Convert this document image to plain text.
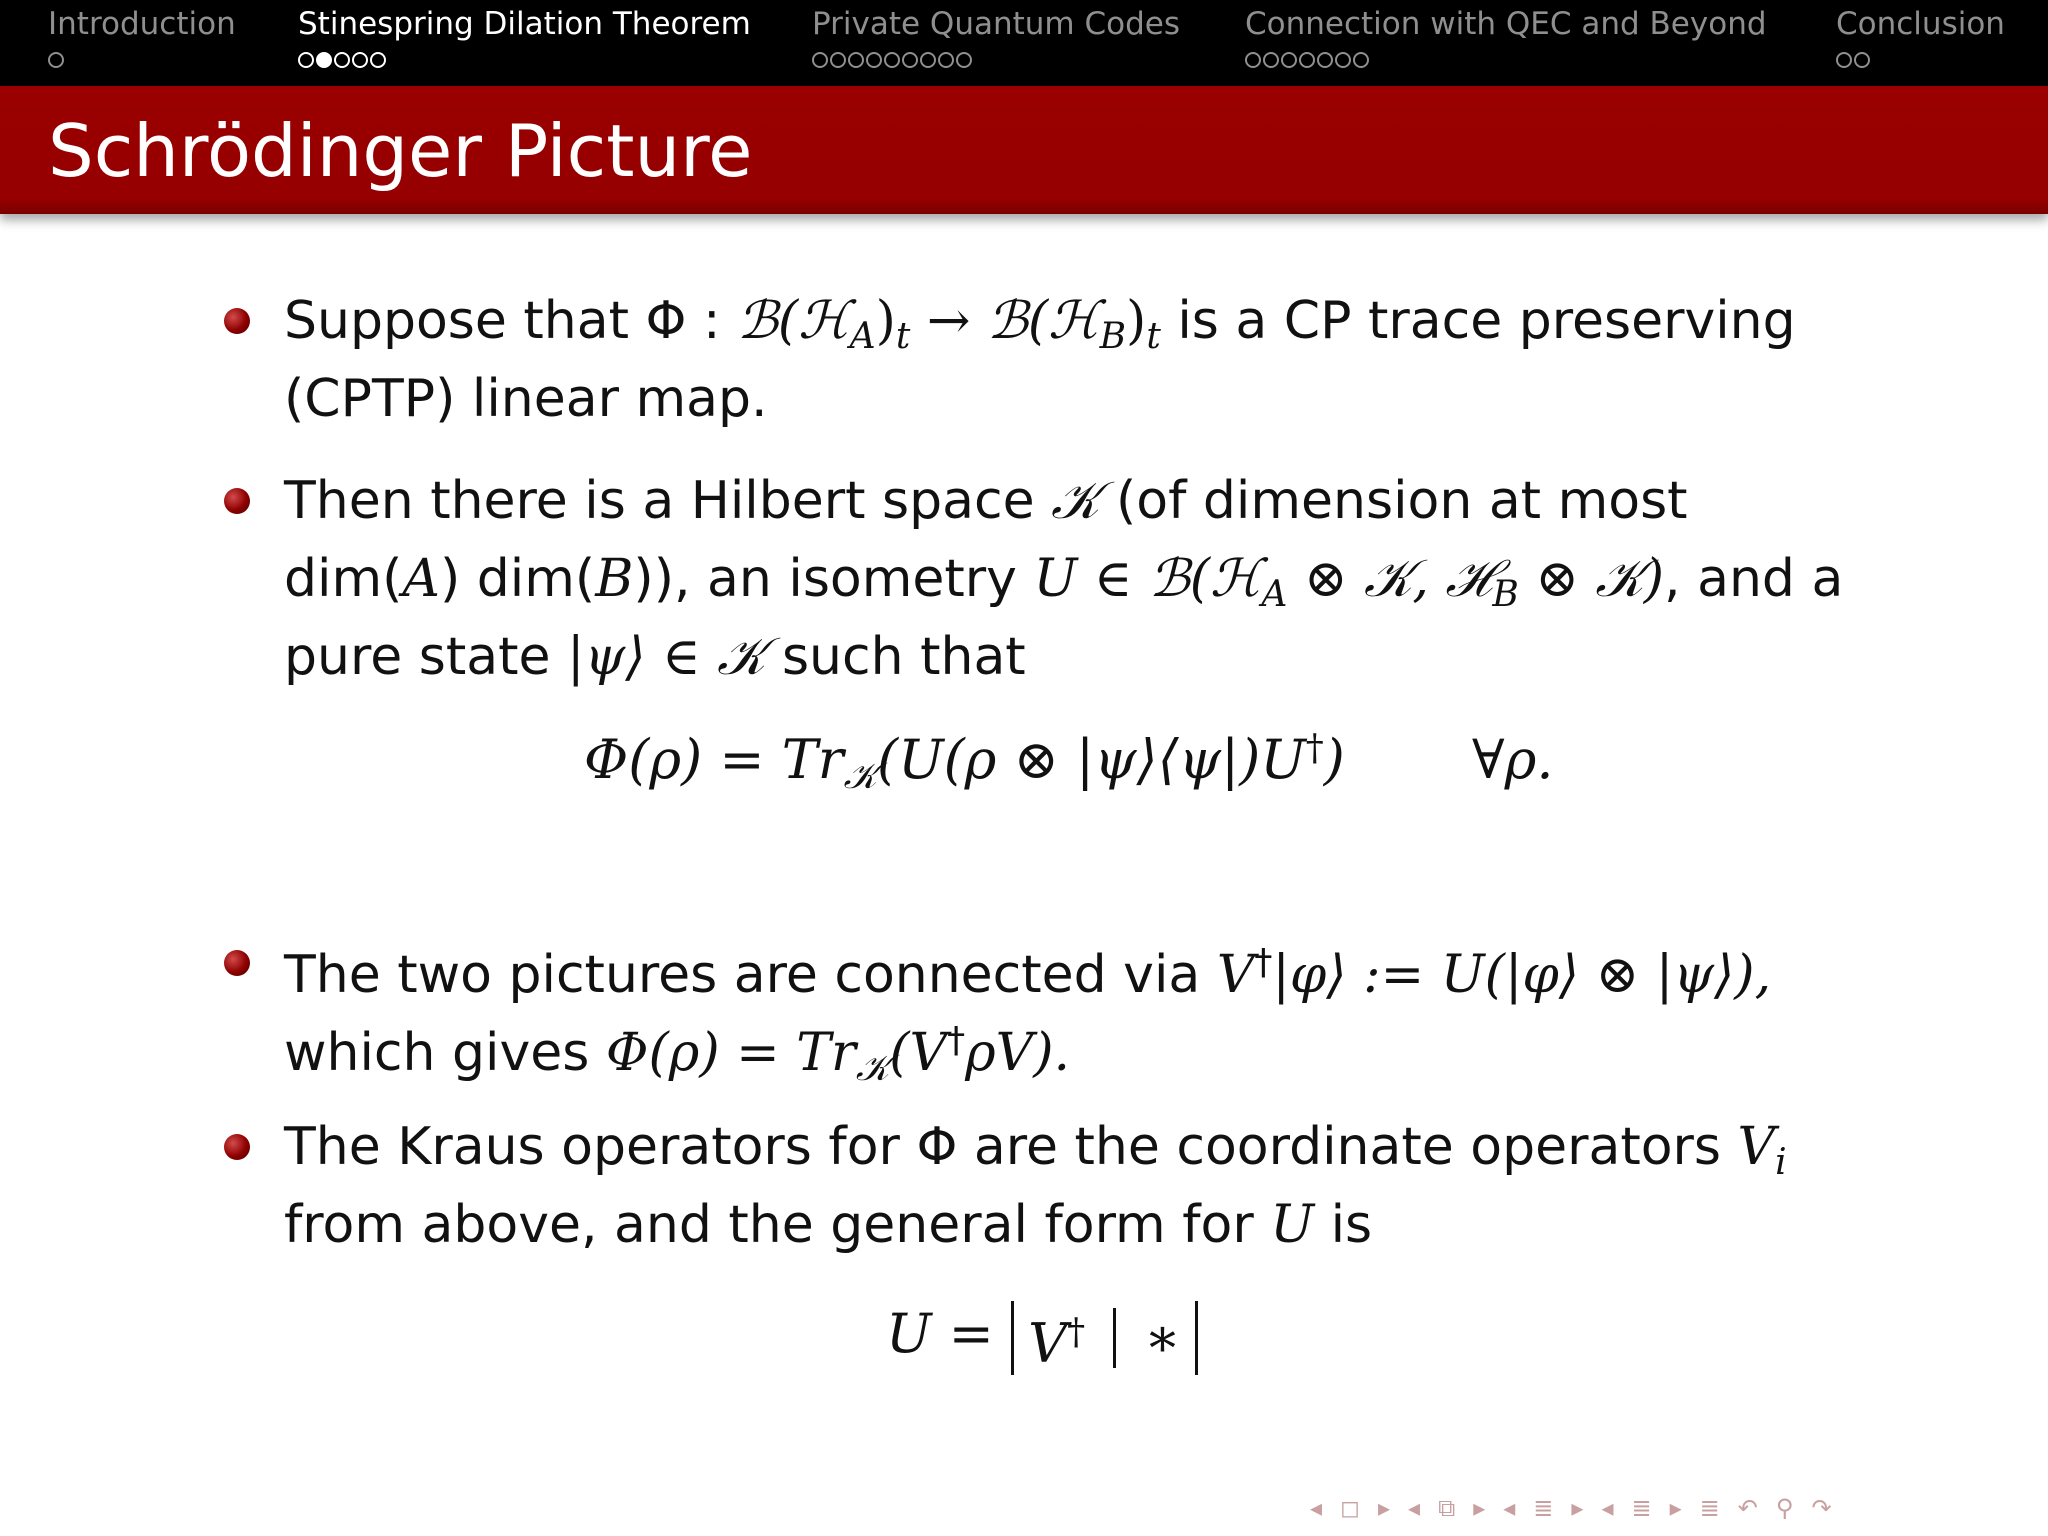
Introduction Stinespring Dilation Theorem Private Quantum Codes Connection with QEC and Beyond Conclusion
Schrödinger Picture
Suppose that Φ : $ℬ(ℋ_A)_t$ → $ℬ(ℋ_B)_t$ is a CP trace preserving
(CPTP) linear map.
Then there is a Hilbert space 𝒦 (of dimension at most
dim(A) dim(B)), an isometry U ∈ ℬ(ℋ$_A$ ⊗ 𝒦, ℋ$_B$ ⊗ 𝒦), and a
pure state |ψ⟩ ∈ 𝒦 such that
$\Phi(\rho) = Tr_𝒦(U(\rho$ ⊗ |ψ⟩⟨ψ|)U†) ∀ρ.
The two pictures are connected via V†|φ⟩ := U(|φ⟩ ⊗ |ψ⟩),
which gives $\Phi(\rho) = Tr_𝒦(V^\dagger\rho V)$.
The Kraus operators for Φ are the coordinate operators $V_i$
from above, and the general form for U is
U = V† ∗
◂ ◻ ▸ ◂ ⧉ ▸ ◂ ≣ ▸ ◂ ≣ ▸ ≣ ↶ ⚲ ↷
